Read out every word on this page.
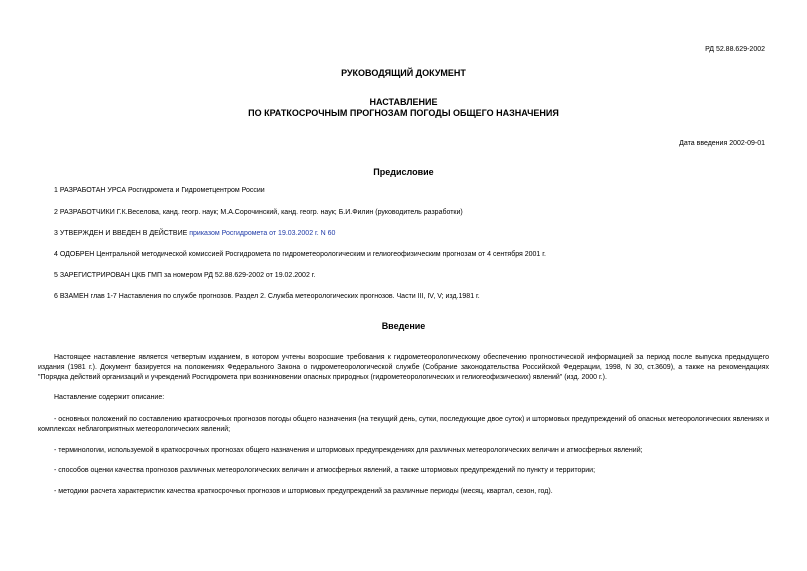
РД 52.88.629-2002
РУКОВОДЯЩИЙ ДОКУМЕНТ
НАСТАВЛЕНИЕ
ПО КРАТКОСРОЧНЫМ ПРОГНОЗАМ ПОГОДЫ ОБЩЕГО НАЗНАЧЕНИЯ
Дата введения 2002-09-01
Предисловие
1 РАЗРАБОТАН УРСА Росгидромета и Гидрометцентром России
2 РАЗРАБОТЧИКИ Г.К.Веселова, канд. геогр. наук; М.А.Сорочинский, канд. геогр. наук; Б.И.Филин (руководитель разработки)
3 УТВЕРЖДЕН И ВВЕДЕН В ДЕЙСТВИЕ приказом Росгидромета от 19.03.2002 г. N 60
4 ОДОБРЕН Центральной методической комиссией Росгидромета по гидрометеорологическим и гелиогеофизическим прогнозам от 4 сентября 2001 г.
5 ЗАРЕГИСТРИРОВАН ЦКБ ГМП за номером РД 52.88.629-2002 от 19.02.2002 г.
6 ВЗАМЕН глав 1-7 Наставления по службе прогнозов. Раздел 2. Служба метеорологических прогнозов. Части III, IV, V; изд.1981 г.
Введение
Настоящее наставление является четвертым изданием, в котором учтены возросшие требования к гидрометеорологическому обеспечению прогностической информацией за период после выпуска предыдущего издания (1981 г.). Документ базируется на положениях Федерального Закона о гидрометеорологической службе (Собрание законодательства Российской Федерации, 1998, N 30, ст.3609), а также на рекомендациях "Порядка действий организаций и учреждений Росгидромета при возникновении опасных природных (гидрометеорологических и гелиогеофизических) явлений" (изд. 2000 г.).
Наставление содержит описание:
- основных положений по составлению краткосрочных прогнозов погоды общего назначения (на текущий день, сутки, последующие двое суток) и штормовых предупреждений об опасных метеорологических явлениях и комплексах неблагоприятных метеорологических явлений;
- терминологии, используемой в краткосрочных прогнозах общего назначения и штормовых предупреждениях для различных метеорологических величин и атмосферных явлений;
- способов оценки качества прогнозов различных метеорологических величин и атмосферных явлений, а также штормовых предупреждений по пункту и территории;
- методики расчета характеристик качества краткосрочных прогнозов и штормовых предупреждений за различные периоды (месяц, квартал, сезон, год).
